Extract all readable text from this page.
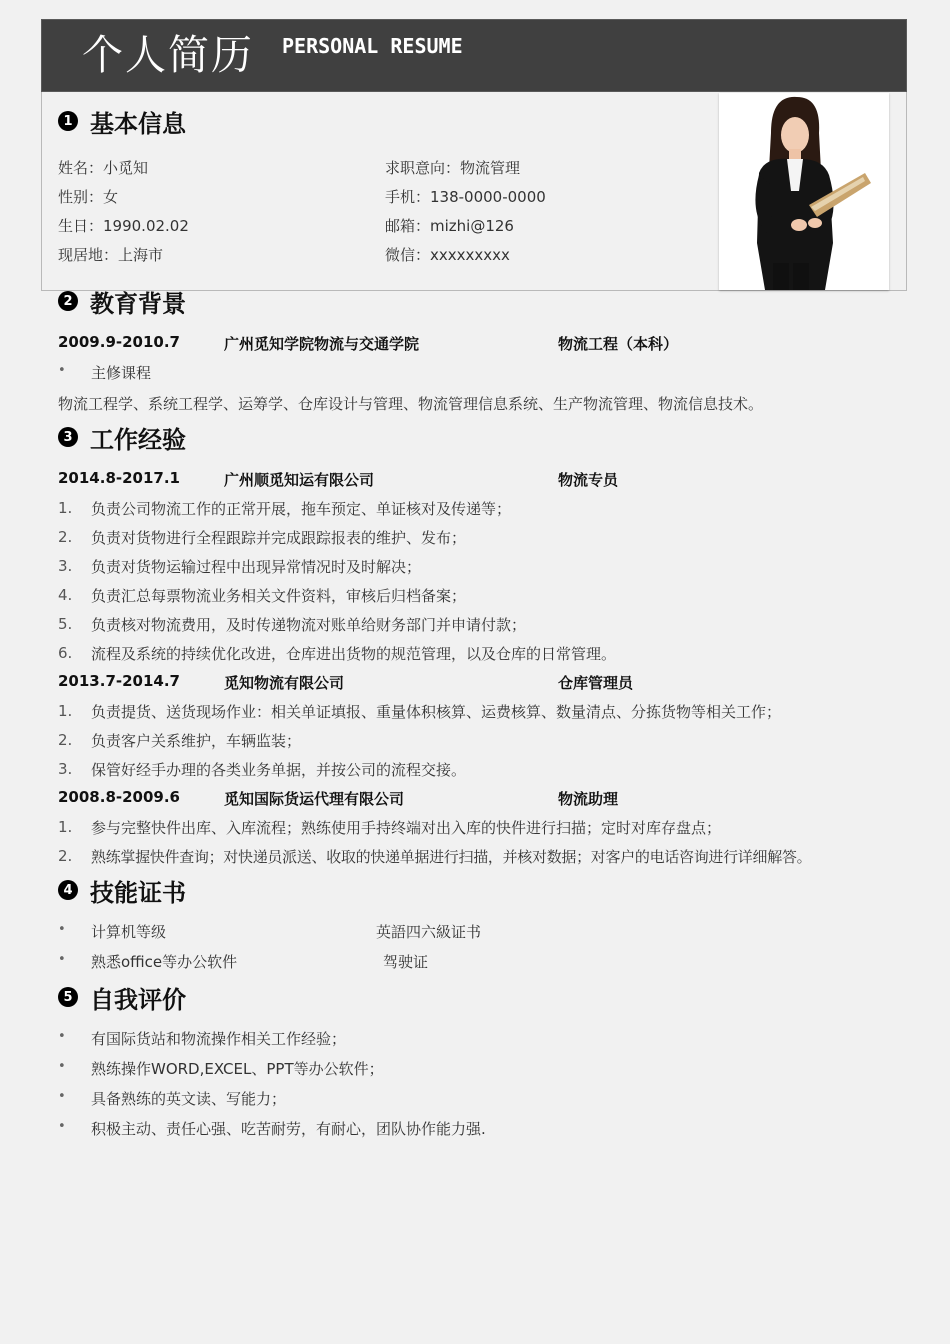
个人简历 PERSONAL RESUME
1 基本信息
姓名：小觅知
性别：女
生日：1990.02.02
现居地：上海市
求职意向：物流管理
手机：138-0000-0000
邮箱：mizhi@126
微信：xxxxxxxxx
2 教育背景
2009.9-2010.7	广州觅知学院物流与交通学院	物流工程（本科）
• 主修课程
物流工程学、系统工程学、运筹学、仓库设计与管理、物流管理信息系统、生产物流管理、物流信息技术。
3 工作经验
2014.8-2017.1	广州顺觅知运有限公司	物流专员
1. 负责公司物流工作的正常开展，拖车预定、单证核对及传递等；
2. 负责对货物进行全程跟踪并完成跟踪报表的维护、发布；
3. 负责对货物运输过程中出现异常情况时及时解决；
4. 负责汇总每票物流业务相关文件资料，审核后归档备案；
5. 负责核对物流费用，及时传递物流对账单给财务部门并申请付款；
6. 流程及系统的持续优化改进，仓库进出货物的规范管理，以及仓库的日常管理。
2013.7-2014.7	觅知物流有限公司	仓库管理员
1. 负责提货、送货现场作业：相关单证填报、重量体积核算、运费核算、数量清点、分拣货物等相关工作；
2. 负责客户关系维护，车辆监装；
3. 保管好经手办理的各类业务单据，并按公司的流程交接。
2008.8-2009.6	觅知国际货运代理有限公司	物流助理
1. 参与完整快件出库、入库流程；熟练使用手持终端对出入库的快件进行扫描；定时对库存盘点；
2. 熟练掌握快件查询；对快递员派送、收取的快递单据进行扫描，并核对数据；对客户的电话咨询进行详细解答。
4 技能证书
• 计算机等级	英語四六級证书
• 熟悉office等办公软件	驾驶证
5 自我评价
• 有国际货站和物流操作相关工作经验；
• 熟练操作WORD,EXCEL、PPT等办公软件；
• 具备熟练的英文读、写能力；
• 积极主动、责任心强、吃苦耐劳，有耐心，团队协作能力强.
